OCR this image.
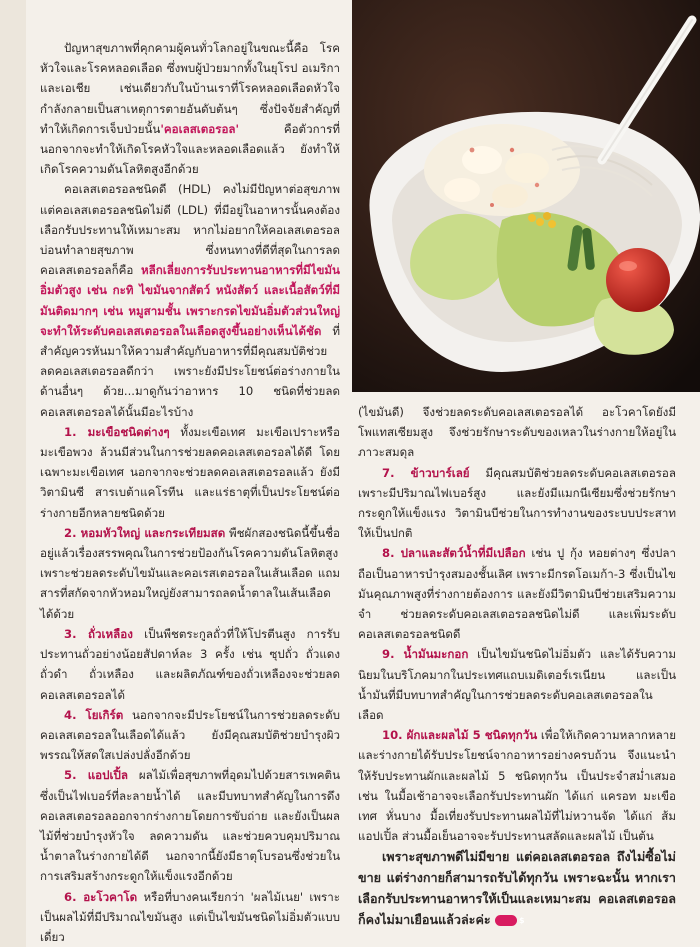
ปัญหาสุขภาพที่คุกคามผู้คนทั่วโลกอยู่ในขณะนี้คือ โรคหัวใจและโรคหลอดเลือด ซึ่งพบผู้ป่วยมากทั้งในยุโรป อเมริกาและเอเชีย เช่นเดียวกับในบ้านเราที่โรคหลอดเลือดหัวใจกำลังกลายเป็นสาเหตุการตายอันดับต้นๆ ซึ่งปัจจัยสำคัญที่ทำให้เกิดการเจ็บป่วยนั้น'คอเลสเตอรอล' คือตัวการที่นอกจากจะทำให้เกิดโรคหัวใจและหลอดเลือดแล้ว ยังทำให้เกิดโรคความดันโลหิตสูงอีกด้วย

คอเลสเตอรอลชนิดดี (HDL) คงไม่มีปัญหาต่อสุขภาพ แต่คอเลสเตอรอลชนิดไม่ดี (LDL) ที่มีอยู่ในอาหารนั้นคงต้องเลือกรับประทานให้เหมาะสม หากไม่อยากให้คอเลสเตอรอลบ่อนทำลายสุขภาพ ซึ่งหนทางที่ดีที่สุดในการลดคอเลสเตอรอลก็คือ หลีกเลี่ยงการรับประทานอาหารที่มีไขมันอิ่มตัวสูง เช่น กะทิ ไขมันจากสัตว์ หนังสัตว์ และเนื้อสัตว์ที่มีมันติดมากๆ เช่น หมูสามชั้น เพราะกรดไขมันอิ่มตัวส่วนใหญ่ จะทำให้ระดับคอเลสเตอรอลในเลือดสูงขึ้นอย่างเห็นได้ชัด ที่สำคัญควรหันมาให้ความสำคัญกับอาหารที่มีคุณสมบัติช่วยลดคอเลสเตอรอลดีกว่า เพราะยังมีประโยชน์ต่อร่างกายในด้านอื่นๆ ด้วย...มาดูกันว่าอาหาร 10 ชนิดที่ช่วยลดคอเลสเตอรอลได้นั้นมีอะไรบ้าง

1. มะเขือชนิดต่างๆ ทั้งมะเขือเทศ มะเขือเปราะหรือมะเขือพวง ล้วนมีส่วนในการช่วยลดคอเลสเตอรอลได้ดี โดยเฉพาะมะเขือเทศ นอกจากจะช่วยลดคอเลสเตอรอลแล้ว ยังมีวิตามินซี สารเบต้าแคโรทีน และแร่ธาตุที่เป็นประโยชน์ต่อร่างกายอีกหลายชนิดด้วย

2. หอมหัวใหญ่ และกระเทียมสด พืชผักสองชนิดนี้ขึ้นชื่ออยู่แล้วเรื่องสรรพคุณในการช่วยป้องกันโรคความดันโลหิตสูง เพราะช่วยลดระดับไขมันและคอเรสเตอรอลในเส้นเลือด แถมสารที่สกัดจากหัวหอมใหญ่ยังสามารถลดน้ำตาลในเส้นเลือดได้ด้วย

3. ถั่วเหลือง เป็นพืชตระกูลถั่วที่ให้โปรตีนสูง การรับประทานถั่วอย่างน้อยสัปดาห์ละ 3 ครั้ง เช่น ซุปถั่ว ถั่วแดง ถั่วดำ ถั่วเหลือง และผลิตภัณฑ์ของถั่วเหลืองจะช่วยลดคอเลสเตอรอลได้

4. โยเกิร์ต นอกจากจะมีประโยชน์ในการช่วยลดระดับคอเลสเตอรอลในเลือดได้แล้ว ยังมีคุณสมบัติช่วยบำรุงผิวพรรณให้สดใสเปล่งปลั่งอีกด้วย

5. แอปเปิ้ล ผลไม้เพื่อสุขภาพที่อุดมไปด้วยสารเพคติน ซึ่งเป็นไฟเบอร์ที่ละลายน้ำได้ และมีบทบาทสำคัญในการดึงคอเลสเตอรอลออกจากร่างกายโดยการขับถ่าย และยังเป็นผลไม้ที่ช่วยบำรุงหัวใจ ลดความดัน และช่วยควบคุมปริมาณน้ำตาลในร่างกายได้ดี นอกจากนี้ยังมีธาตุโบรอนซึ่งช่วยในการเสริมสร้างกระดูกให้แข็งแรงอีกด้วย

6. อะโวคาโด หรือที่บางคนเรียกว่า 'ผลไม้เนย' เพราะเป็นผลไม้ที่มีปริมาณไขมันสูง แต่เป็นไขมันชนิดไม่อิ่มตัวแบบเดี่ยว

(ไขมันดี) จึงช่วยลดระดับคอเลสเตอรอลได้ อะโวคาโดยังมีโพแทสเซียมสูง จึงช่วยรักษาระดับของเหลวในร่างกายให้อยู่ในภาวะสมดุล

7. ข้าวบาร์เลย์ มีคุณสมบัติช่วยลดระดับคอเลสเตอรอล เพราะมีปริมาณไฟเบอร์สูง และยังมีแมกนีเซียมซึ่งช่วยรักษากระดูกให้แข็งแรง วิตามินบีช่วยในการทำงานของระบบประสาทให้เป็นปกติ

8. ปลาและสัตว์น้ำที่มีเปลือก เช่น ปู กุ้ง หอยต่างๆ ซึ่งปลาถือเป็นอาหารบำรุงสมองชั้นเลิศ เพราะมีกรดโอเมก้า-3 ซึ่งเป็นไขมันคุณภาพสูงที่ร่างกายต้องการ และยังมีวิตามินบีช่วยเสริมความจำ ช่วยลดระดับคอเลสเตอรอลชนิดไม่ดี และเพิ่มระดับคอเลสเตอรอลชนิดดี

9. น้ำมันมะกอก เป็นไขมันชนิดไม่อิ่มตัว และได้รับความนิยมในบริโภคมากในประเทศแถบเมดิเตอร์เรเนียน และเป็นน้ำมันที่มีบทบาทสำคัญในการช่วยลดระดับคอเลสเตอรอลในเลือด

10. ผักและผลไม้ 5 ชนิดทุกวัน เพื่อให้เกิดความหลากหลายและร่างกายได้รับประโยชน์จากอาหารอย่างครบถ้วน จึงแนะนำให้รับประทานผักและผลไม้ 5 ชนิดทุกวัน เป็นประจำสม่ำเสมอ เช่น ในมื้อเช้าอาจจะเลือกรับประทานผัก ได้แก่ แครอท มะเขือเทศ หั่นบาง มื้อเที่ยงรับประทานผลไม้ที่ไม่หวานจัด ได้แก่ ส้ม แอปเปิ้ล ส่วนมื้อเย็นอาจจะรับประทานสลัดและผลไม้ เป็นต้น

เพราะสุขภาพดีไม่มีขาย แต่คอเลสเตอรอล ถึงไม่ซื้อไม่ขาย แต่ร่างกายก็สามารถรับได้ทุกวัน เพราะฉะนั้น หากเราเลือกรับประทานอาหารให้เป็นและเหมาะสม คอเลสเตอรอลก็คงไม่มาเยือนแล้วล่ะค่ะ	$
